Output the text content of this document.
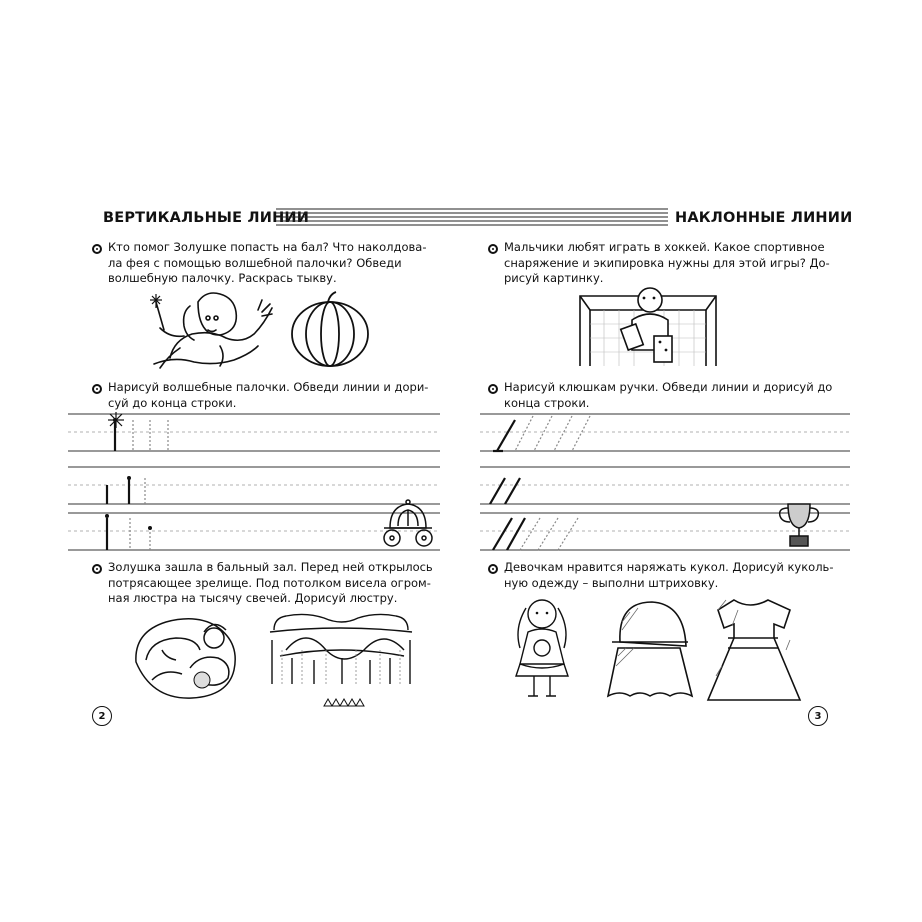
ВЕРТИКАЛЬНЫЕ ЛИНИИ	НАКЛОННЫЕ ЛИНИИ
Кто помог Золушке попасть на бал? Что наколдова-
ла фея с помощью волшебной палочки? Обведи
волшебную палочку. Раскрась тыкву.
Нарисуй волшебные палочки. Обведи линии и дори-
суй до конца строки.
Золушка зашла в бальный зал. Перед ней открылось
потрясающее зрелище. Под потолком висела огром-
ная люстра на тысячу свечей. Дорисуй люстру.
Мальчики любят играть в хоккей. Какое спортивное
снаряжение и экипировка нужны для этой игры? До-
рисуй картинку.
Нарисуй клюшкам ручки. Обведи линии и дорисуй до
конца строки.
Девочкам нравится наряжать кукол. Дорисуй куколь-
ную одежду – выполни штриховку.
2	3
